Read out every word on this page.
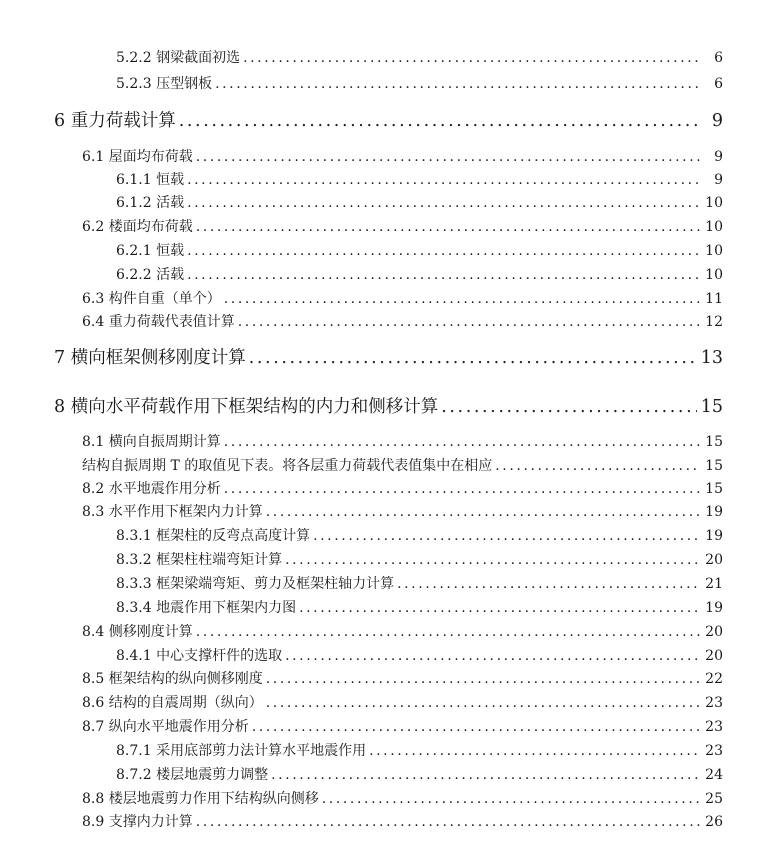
5.2.2 钢梁截面初选 .....	6
5.2.3 压型钢板 .....	6
6 重力荷载计算 .....	9
6.1 屋面均布荷载 .....	9
6.1.1 恒载 .....	9
6.1.2 活载 .....	10
6.2 楼面均布荷载 .....	10
6.2.1 恒载 .....	10
6.2.2 活载 .....	10
6.3 构件自重（单个） .....	11
6.4 重力荷载代表值计算 .....	12
7 横向框架侧移刚度计算 .....	13
8 横向水平荷载作用下框架结构的内力和侧移计算 .....	15
8.1 横向自振周期计算 .....	15
结构自振周期 T 的取值见下表。将各层重力荷载代表值集中在相应 .....	15
8.2 水平地震作用分析 .....	15
8.3 水平作用下框架内力计算 .....	19
8.3.1 框架柱的反弯点高度计算 .....	19
8.3.2 框架柱柱端弯矩计算 .....	20
8.3.3 框架梁端弯矩、剪力及框架柱轴力计算 .....	21
8.3.4 地震作用下框架内力图 .....	19
8.4 侧移刚度计算 .....	20
8.4.1 中心支撑杆件的选取 .....	20
8.5 框架结构的纵向侧移刚度 .....	22
8.6 结构的自震周期（纵向） .....	23
8.7 纵向水平地震作用分析 .....	23
8.7.1 采用底部剪力法计算水平地震作用 .....	23
8.7.2 楼层地震剪力调整 .....	24
8.8 楼层地震剪力作用下结构纵向侧移 .....	25
8.9 支撑内力计算 .....	26
